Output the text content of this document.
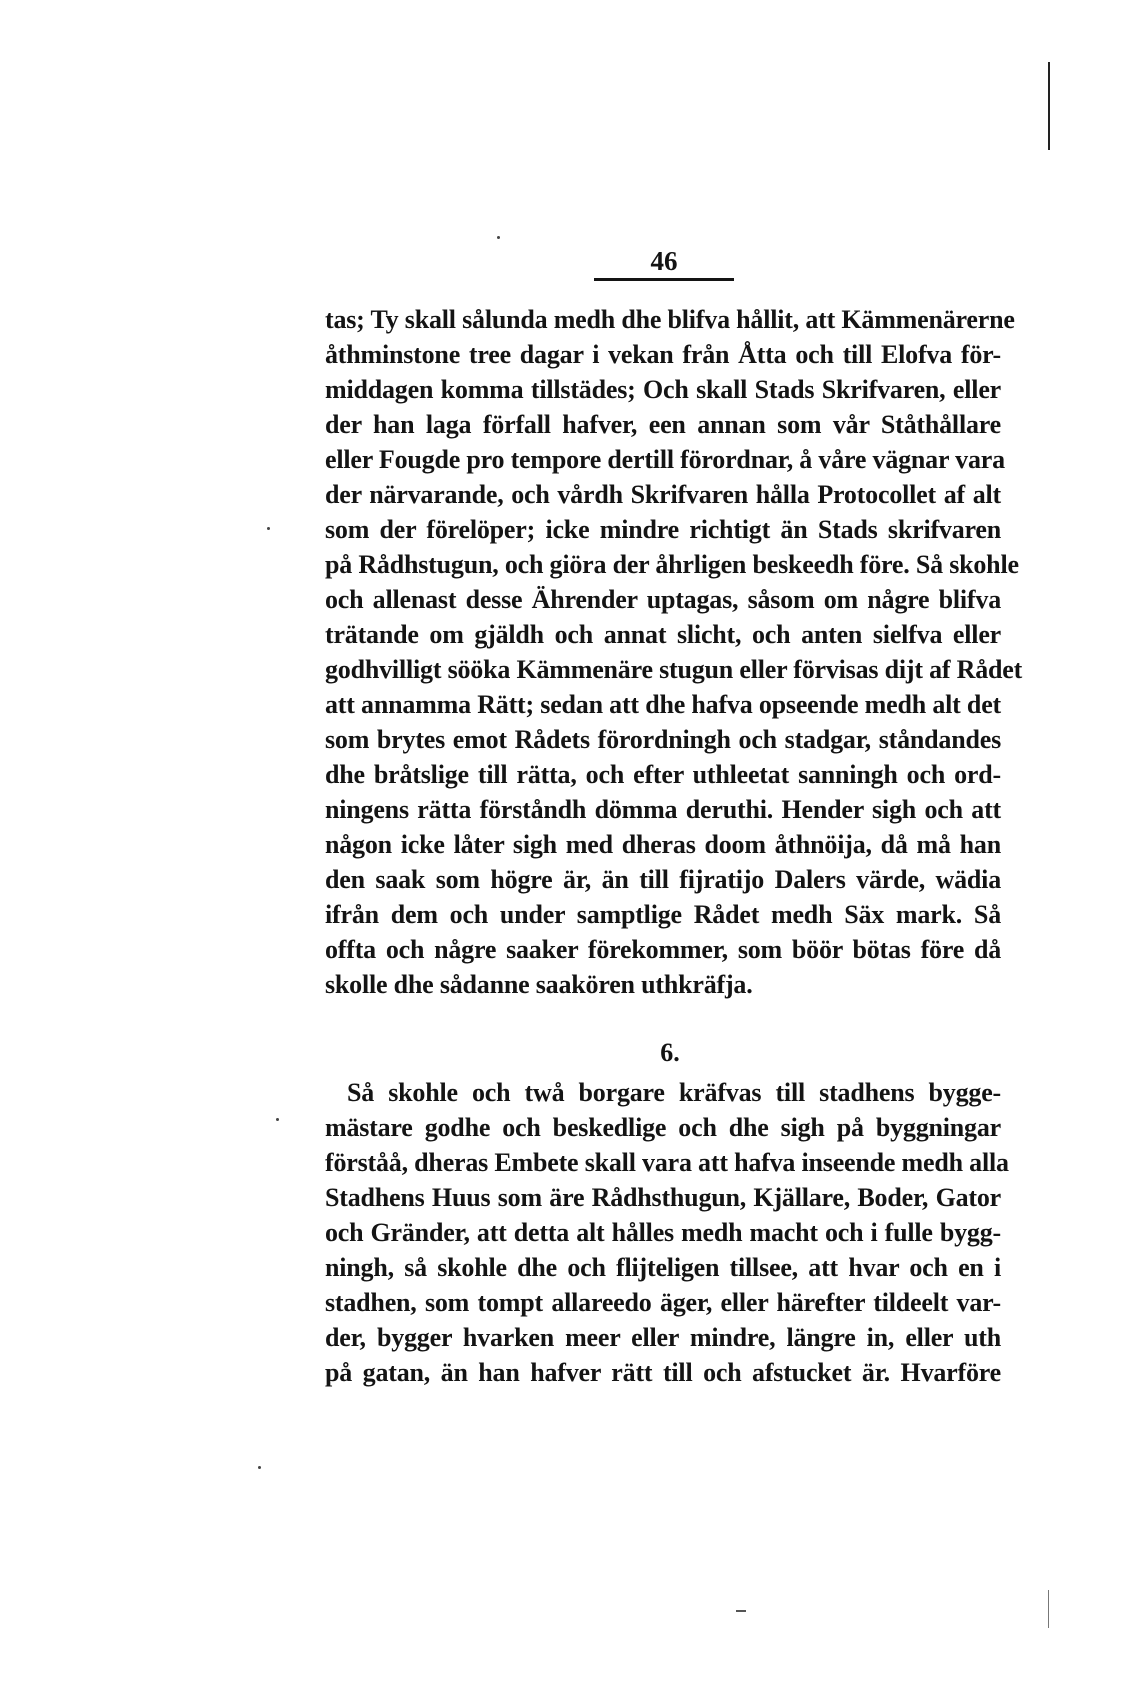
46
tas; Ty skall sålunda medh dhe blifva hållit, att Kämmenärerne
åthminstone tree dagar i vekan från Åtta och till Elofva för-
middagen komma tillstädes; Och skall Stads Skrifvaren, eller
der han laga förfall hafver, een annan som vår Ståthållare
eller Fougde pro tempore dertill förordnar, å våre vägnar vara
der närvarande, och vårdh Skrifvaren hålla Protocollet af alt
som der förelöper; icke mindre richtigt än Stads skrifvaren
på Rådhstugun, och giöra der åhrligen beskeedh före. Så skohle
och allenast desse Ährender uptagas, såsom om någre blifva
trätande om gjäldh och annat slicht, och anten sielfva eller
godhvilligt sööka Kämmenäre stugun eller förvisas dijt af Rådet
att annamma Rätt; sedan att dhe hafva opseende medh alt det
som brytes emot Rådets förordningh och stadgar, ståndandes
dhe bråtslige till rätta, och efter uthleetat sanningh och ord-
ningens rätta förståndh dömma deruthi. Hender sigh och att
någon icke låter sigh med dheras doom åthnöija, då må han
den saak som högre är, än till fijratijo Dalers värde, wädia
ifrån dem och under samptlige Rådet medh Säx mark. Så
offta och någre saaker förekommer, som böör bötas före då
skolle dhe sådanne saakören uthkräfja.
6.
Så skohle och twå borgare kräfvas till stadhens bygge-
mästare godhe och beskedlige och dhe sigh på byggningar
förståå, dheras Embete skall vara att hafva inseende medh alla
Stadhens Huus som äre Rådhsthugun, Kjällare, Boder, Gator
och Gränder, att detta alt hålles medh macht och i fulle bygg-
ningh, så skohle dhe och flijteligen tillsee, att hvar och en i
stadhen, som tompt allareedo äger, eller härefter tildeelt var-
der, bygger hvarken meer eller mindre, längre in, eller uth
på gatan, än han hafver rätt till och afstucket är. Hvarföre
